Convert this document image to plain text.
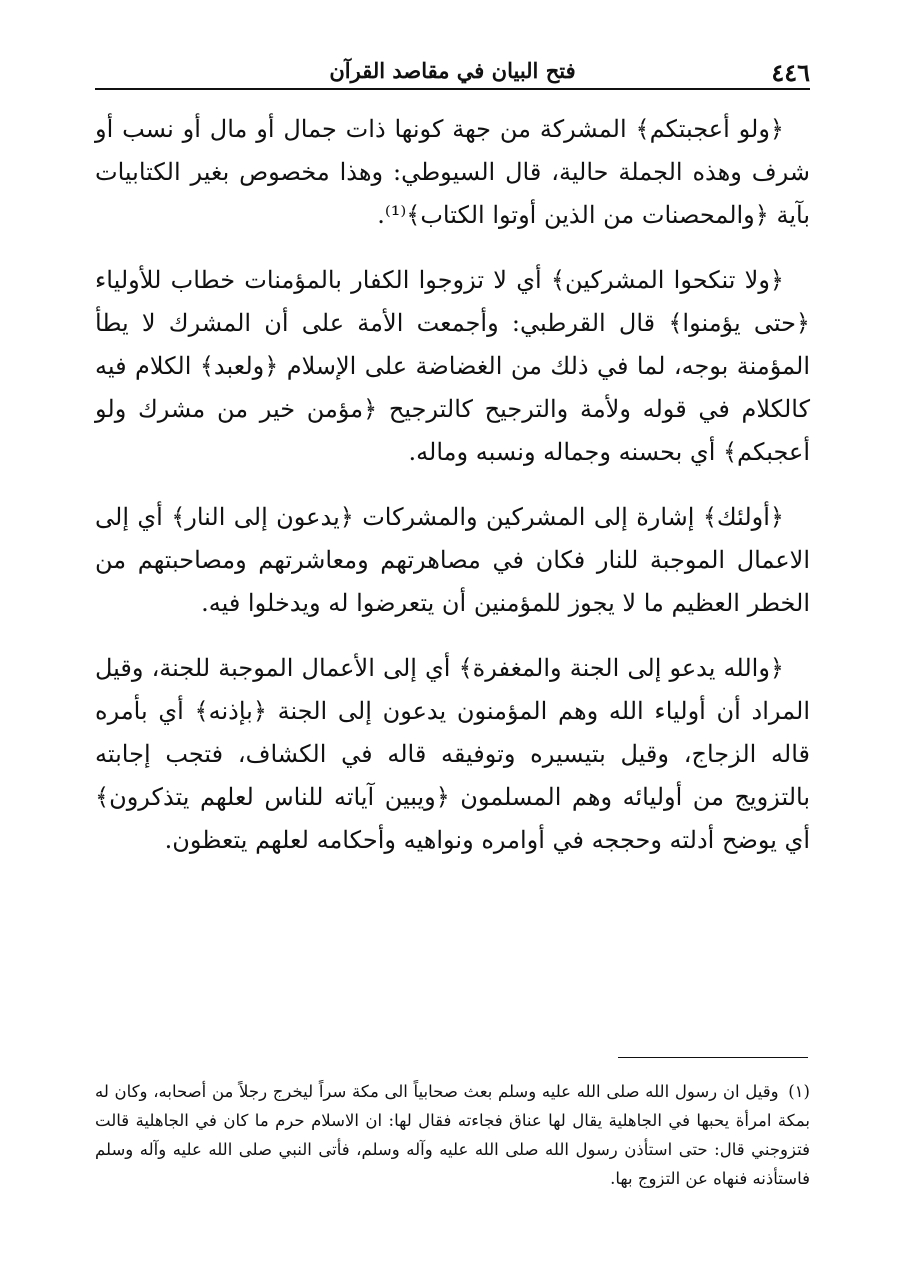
٤٤٦
فتح البيان في مقاصد القرآن

﴿ولو أعجبتكم﴾ المشركة من جهة كونها ذات جمال أو مال أو نسب أو شرف وهذه الجملة حالية، قال السيوطي: وهذا مخصوص بغير الكتابيات بآية ﴿والمحصنات من الذين أوتوا الكتاب﴾⁽¹⁾.

﴿ولا تنكحوا المشركين﴾ أي لا تزوجوا الكفار بالمؤمنات خطاب للأولياء ﴿حتى يؤمنوا﴾ قال القرطبي: وأجمعت الأمة على أن المشرك لا يطأ المؤمنة بوجه، لما في ذلك من الغضاضة على الإسلام ﴿ولعبد﴾ الكلام فيه كالكلام في قوله ولأمة والترجيح كالترجيح ﴿مؤمن خير من مشرك ولو أعجبكم﴾ أي بحسنه وجماله ونسبه وماله.

﴿أولئك﴾ إشارة إلى المشركين والمشركات ﴿يدعون إلى النار﴾ أي إلى الاعمال الموجبة للنار فكان في مصاهرتهم ومعاشرتهم ومصاحبتهم من الخطر العظيم ما لا يجوز للمؤمنين أن يتعرضوا له ويدخلوا فيه.

﴿والله يدعو إلى الجنة والمغفرة﴾ أي إلى الأعمال الموجبة للجنة، وقيل المراد أن أولياء الله وهم المؤمنون يدعون إلى الجنة ﴿بإذنه﴾ أي بأمره قاله الزجاج، وقيل بتيسيره وتوفيقه قاله في الكشاف، فتجب إجابته بالتزويج من أوليائه وهم المسلمون ﴿ويبين آياته للناس لعلهم يتذكرون﴾ أي يوضح أدلته وحججه في أوامره ونواهيه وأحكامه لعلهم يتعظون.

(١) وقيل ان رسول الله صلى الله عليه وسلم بعث صحابياً الى مكة سراً ليخرج رجلاً من أصحابه، وكان له بمكة امرأة يحبها في الجاهلية يقال لها عناق فجاءته فقال لها: ان الاسلام حرم ما كان في الجاهلية قالت فتزوجني قال: حتى استأذن رسول الله صلى الله عليه وآله وسلم، فأتى النبي صلى الله عليه وآله وسلم فاستأذنه فنهاه عن التزوج بها.
